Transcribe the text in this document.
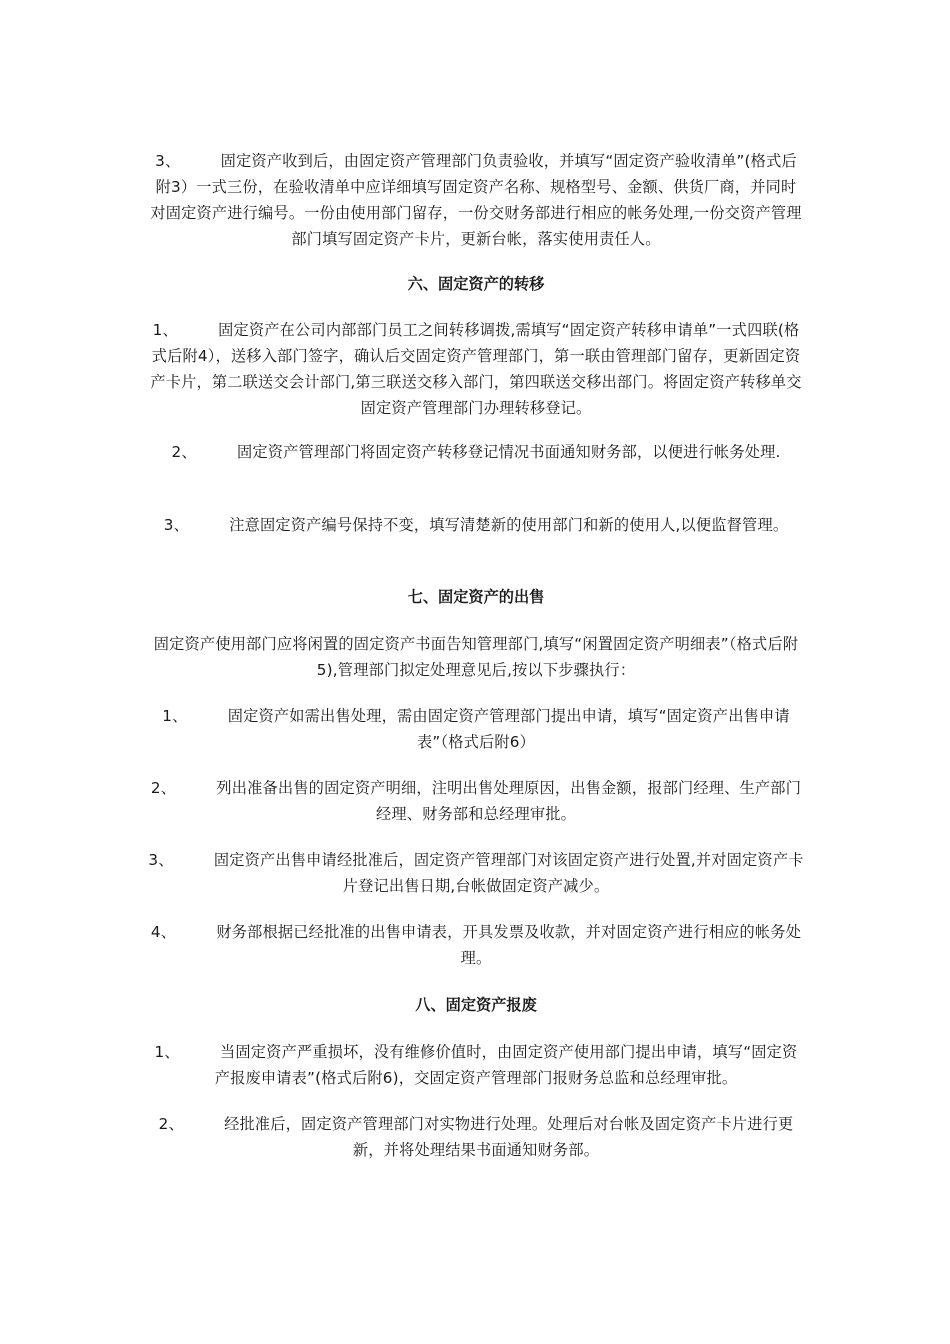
3、        固定资产收到后，由固定资产管理部门负责验收，并填写“固定资产验收清单”(格式后附3）一式三份，在验收清单中应详细填写固定资产名称、规格型号、金额、供货厂商，并同时对固定资产进行编号。一份由使用部门留存，一份交财务部进行相应的帐务处理,一份交资产管理部门填写固定资产卡片，更新台帐，落实使用责任人。
六、固定资产的转移
1、        固定资产在公司内部部门员工之间转移调拨,需填写“固定资产转移申请单”一式四联(格式后附4），送移入部门签字，确认后交固定资产管理部门，第一联由管理部门留存，更新固定资产卡片，第二联送交会计部门,第三联送交移入部门，第四联送交移出部门。将固定资产转移单交固定资产管理部门办理转移登记。
2、        固定资产管理部门将固定资产转移登记情况书面通知财务部，以便进行帐务处理.
3、        注意固定资产编号保持不变，填写清楚新的使用部门和新的使用人,以便监督管理。
七、固定资产的出售
固定资产使用部门应将闲置的固定资产书面告知管理部门,填写“闲置固定资产明细表”（格式后附5),管理部门拟定处理意见后,按以下步骤执行：
1、        固定资产如需出售处理，需由固定资产管理部门提出申请，填写“固定资产出售申请表”（格式后附6）
2、        列出准备出售的固定资产明细，注明出售处理原因，出售金额，报部门经理、生产部门经理、财务部和总经理审批。
3、        固定资产出售申请经批准后，固定资产管理部门对该固定资产进行处置,并对固定资产卡片登记出售日期,台帐做固定资产减少。
4、        财务部根据已经批准的出售申请表，开具发票及收款，并对固定资产进行相应的帐务处理。
八、固定资产报废
1、        当固定资产严重损坏，没有维修价值时，由固定资产使用部门提出申请，填写“固定资产报废申请表”(格式后附6)，交固定资产管理部门报财务总监和总经理审批。
2、        经批准后，固定资产管理部门对实物进行处理。处理后对台帐及固定资产卡片进行更新，并将处理结果书面通知财务部。
